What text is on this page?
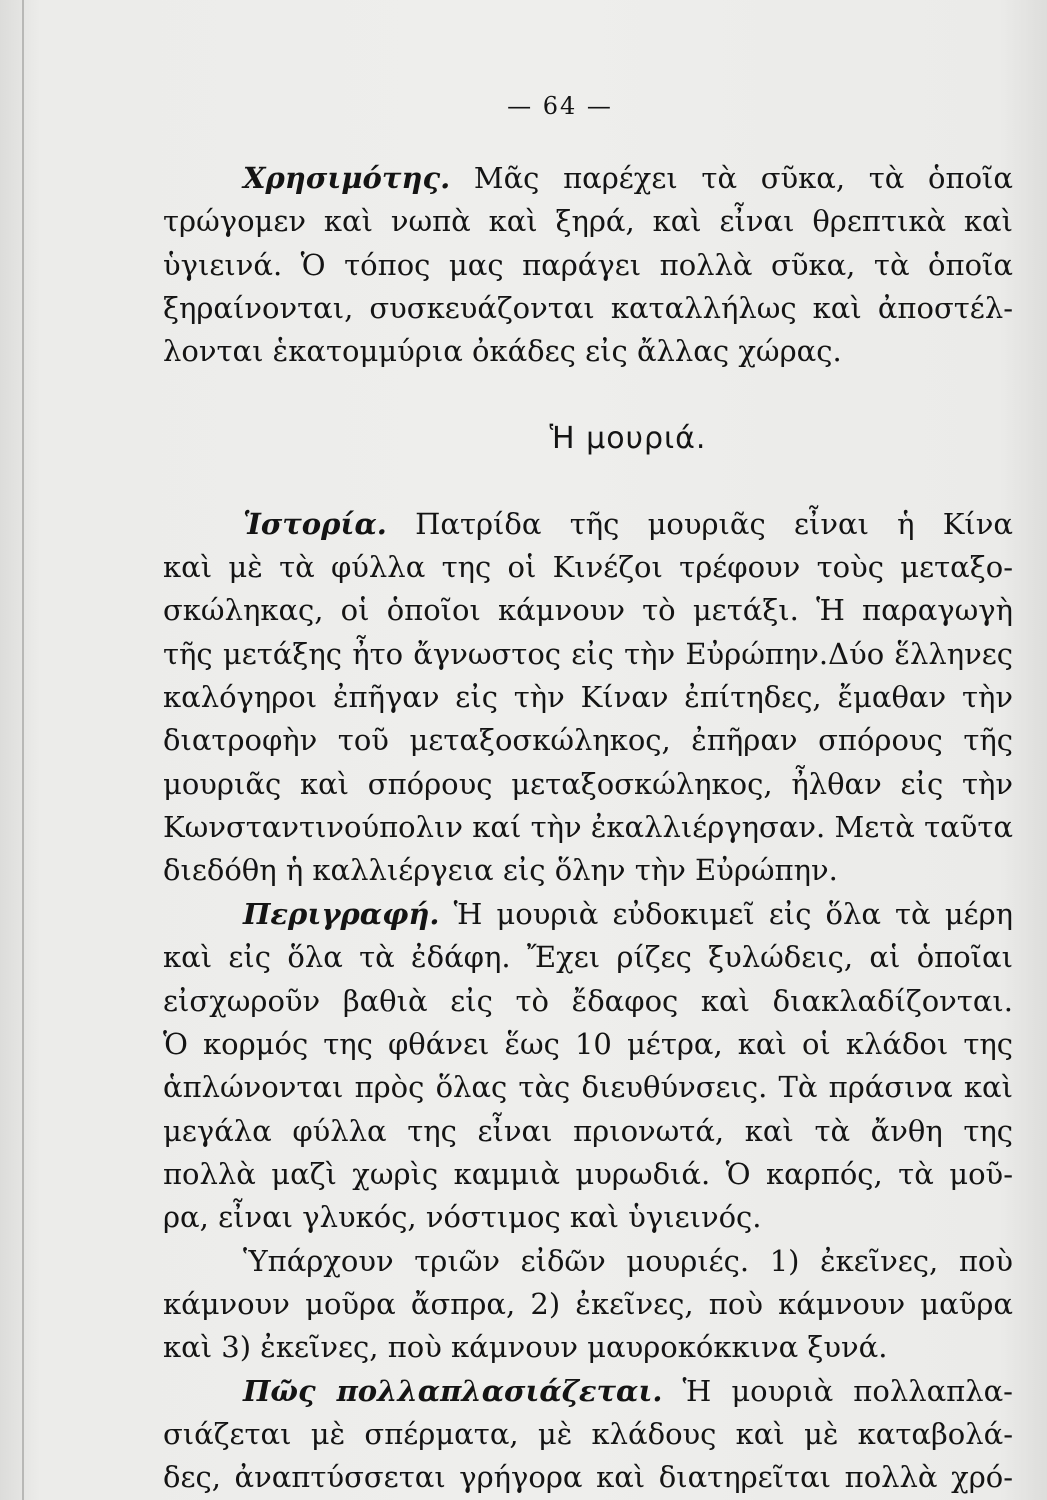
— 64 —
Χρησιμότης. Μᾶς παρέχει τὰ σῦκα, τὰ ὁποῖα
τρώγομεν καὶ νωπὰ καὶ ξηρά, καὶ εἶναι θρεπτικὰ καὶ
ὑγιεινά. Ὁ τόπος μας παράγει πολλὰ σῦκα, τὰ ὁποῖα
ξηραίνονται, συσκευάζονται καταλλήλως καὶ ἀποστέλ-
λονται ἑκατομμύρια ὀκάδες εἰς ἄλλας χώρας.
Ἡ μουριά.
Ἱστορία. Πατρίδα τῆς μουριᾶς εἶναι ἡ Κίνα
καὶ μὲ τὰ φύλλα της οἱ Κινέζοι τρέφουν τοὺς μεταξο-
σκώληκας, οἱ ὁποῖοι κάμνουν τὸ μετάξι. Ἡ παραγωγὴ
τῆς μετάξης ἦτο ἄγνωστος εἰς τὴν Εὐρώπην.Δύο ἕλληνες
καλόγηροι ἐπῆγαν εἰς τὴν Κίναν ἐπίτηδες, ἔμαθαν τὴν
διατροφὴν τοῦ μεταξοσκώληκος, ἐπῆραν σπόρους τῆς
μουριᾶς καὶ σπόρους μεταξοσκώληκος, ἦλθαν εἰς τὴν
Κωνσταντινούπολιν καί τὴν ἐκαλλιέργησαν. Μετὰ ταῦτα
διεδόθη ἡ καλλιέργεια εἰς ὅλην τὴν Εὐρώπην.
Περιγραφή. Ἡ μουριὰ εὐδοκιμεῖ εἰς ὅλα τὰ μέρη
καὶ εἰς ὅλα τὰ ἐδάφη. Ἔχει ρίζες ξυλώδεις, αἱ ὁποῖαι
εἰσχωροῦν βαθιὰ εἰς τὸ ἔδαφος καὶ διακλαδίζονται.
Ὁ κορμός της φθάνει ἕως 10 μέτρα, καὶ οἱ κλάδοι της
ἁπλώνονται πρὸς ὅλας τὰς διευθύνσεις. Τὰ πράσινα καὶ
μεγάλα φύλλα της εἶναι πριονωτά, καὶ τὰ ἄνθη της
πολλὰ μαζὶ χωρὶς καμμιὰ μυρωδιά. Ὁ καρπός, τὰ μοῦ-
ρα, εἶναι γλυκός, νόστιμος καὶ ὑγιεινός.
Ὑπάρχουν τριῶν εἰδῶν μουριές. 1) ἐκεῖνες, ποὺ
κάμνουν μοῦρα ἄσπρα, 2) ἐκεῖνες, ποὺ κάμνουν μαῦρα
καὶ 3) ἐκεῖνες, ποὺ κάμνουν μαυροκόκκινα ξυνά.
Πῶς πολλαπλασιάζεται. Ἡ μουριὰ πολλαπλα-
σιάζεται μὲ σπέρματα, μὲ κλάδους καὶ μὲ καταβολά-
δες, ἀναπτύσσεται γρήγορα καὶ διατηρεῖται πολλὰ χρό-
